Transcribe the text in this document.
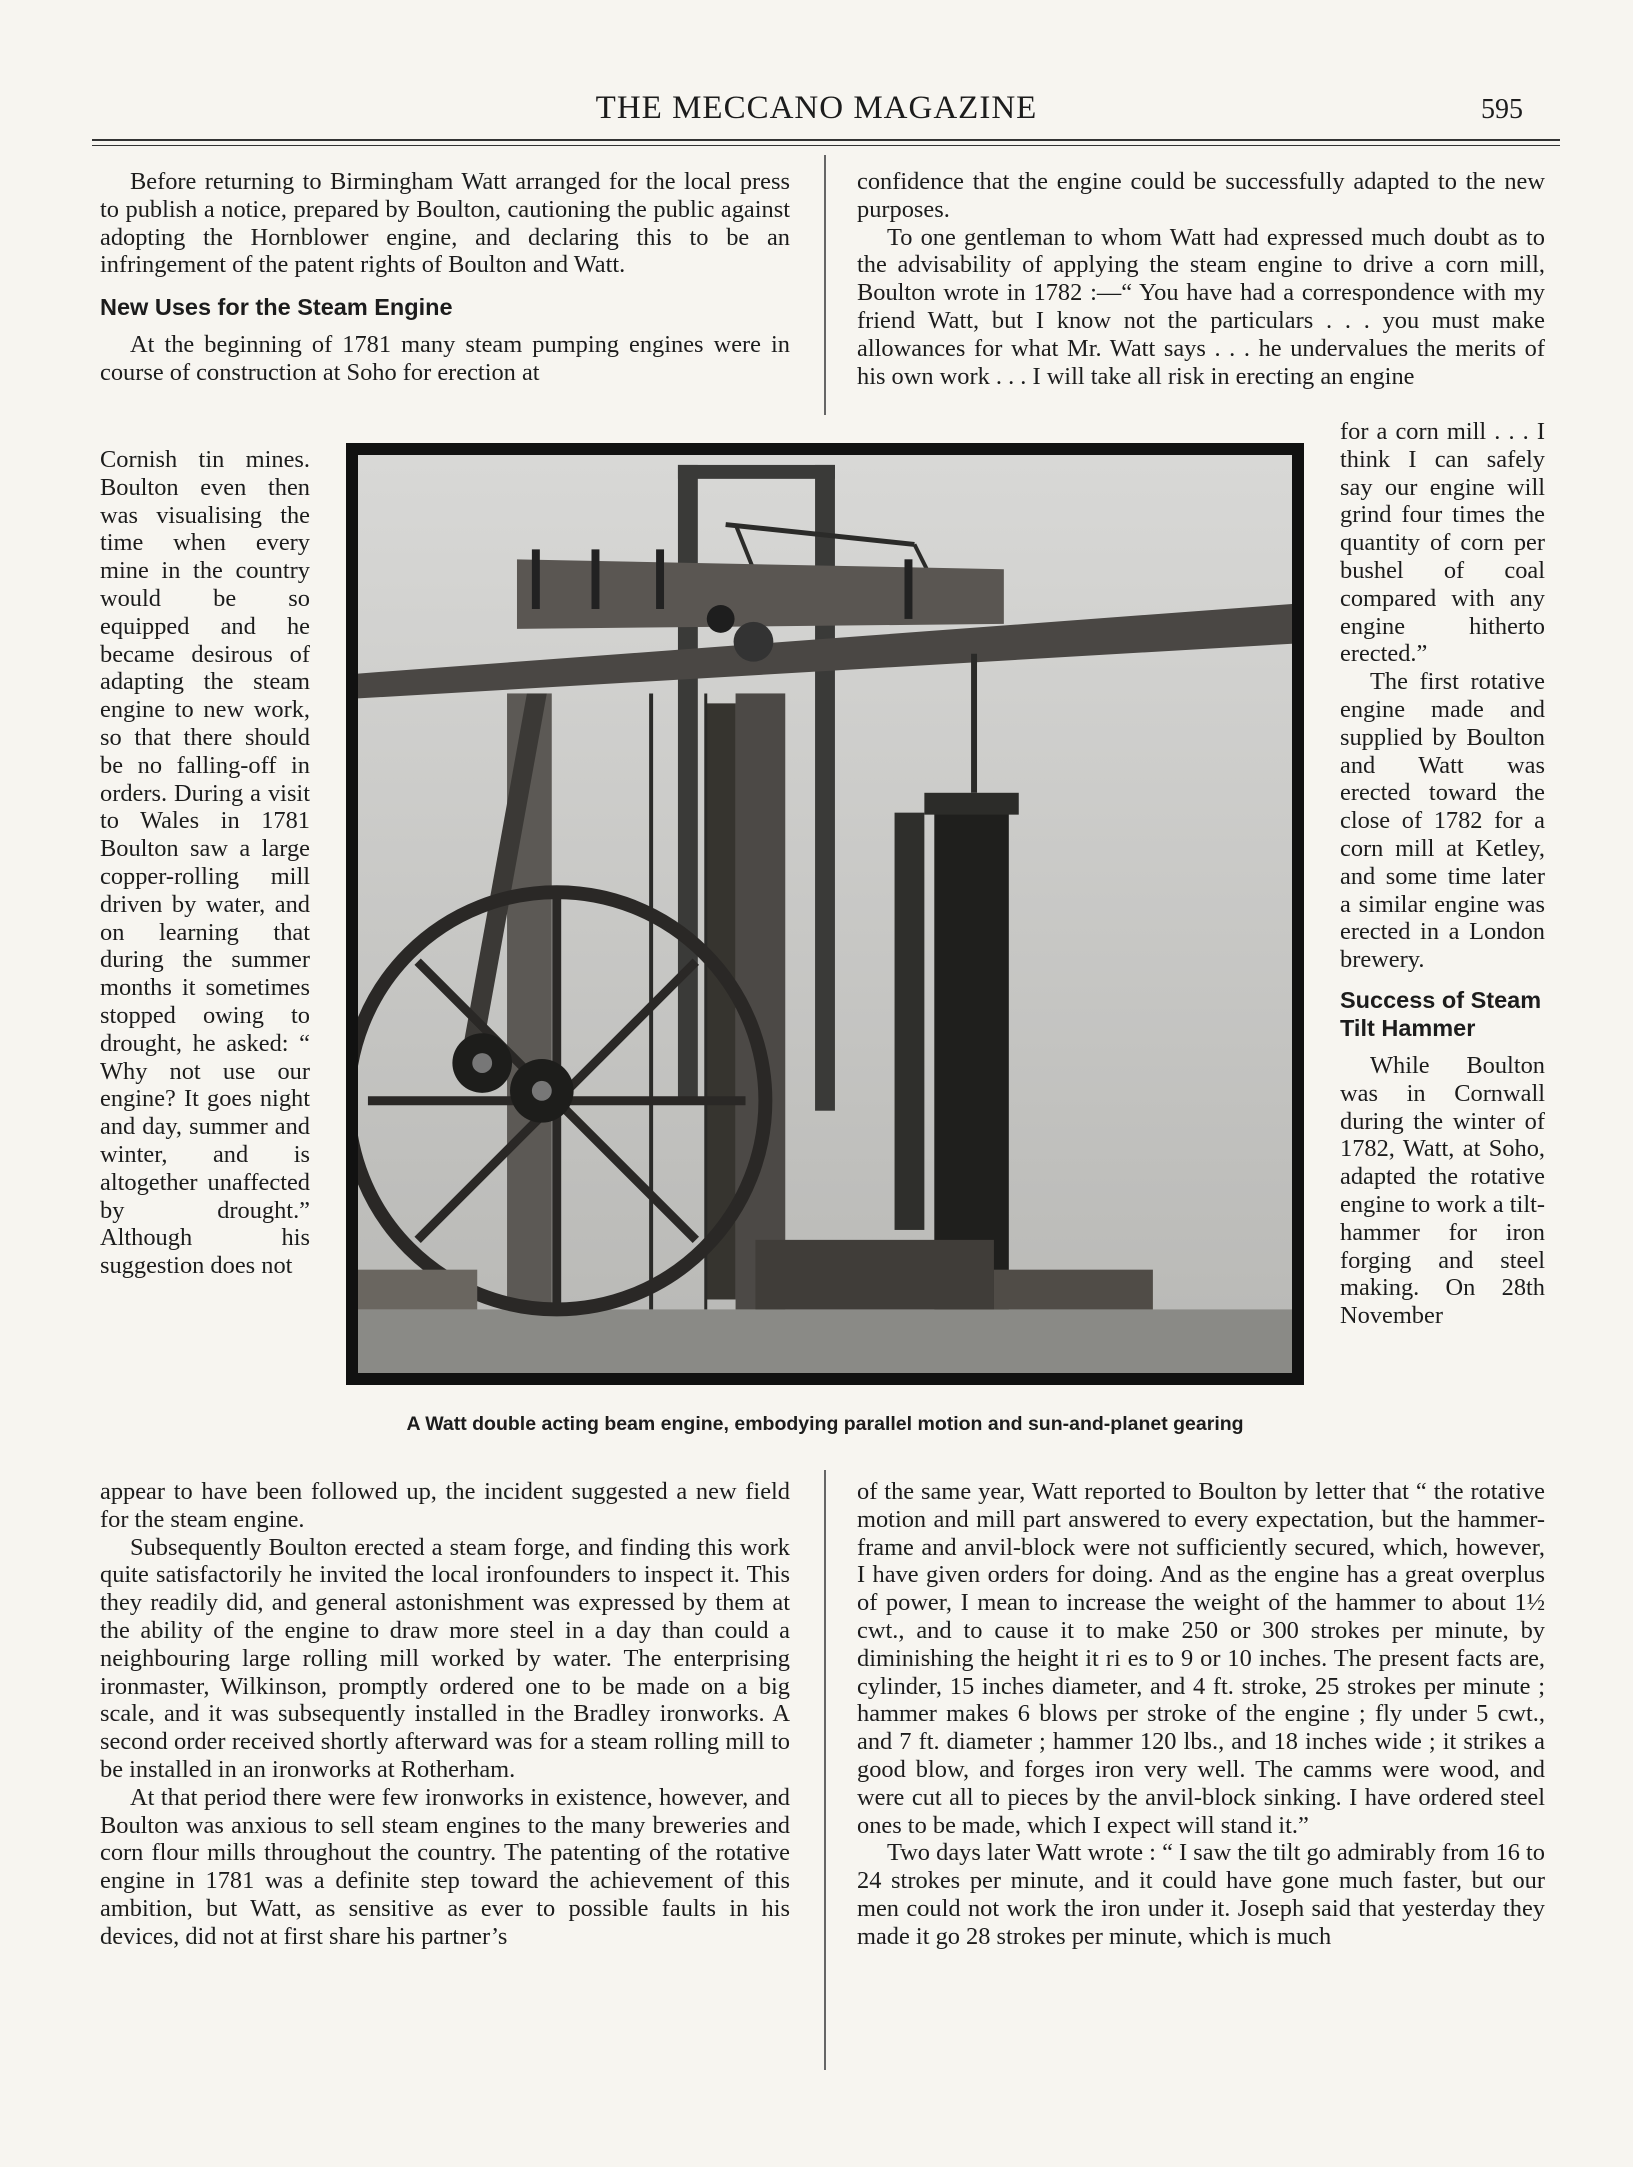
THE MECCANO MAGAZINE	595

Before returning to Birmingham Watt arranged for the local press to publish a notice, prepared by Boulton, cautioning the public against adopting the Hornblower engine, and declaring this to be an infringement of the patent rights of Boulton and Watt.

New Uses for the Steam Engine

At the beginning of 1781 many steam pumping engines were in course of construction at Soho for erection at

Cornish tin mines. Boulton even then was visualising the time when every mine in the country would be so equipped and he became desirous of adapting the steam engine to new work, so that there should be no falling-off in orders. During a visit to Wales in 1781 Boulton saw a large copper-rolling mill driven by water, and on learning that during the summer months it sometimes stopped owing to drought, he asked: “ Why not use our engine? It goes night and day, summer and winter, and is altogether unaffected by drought.” Although his suggestion does not

appear to have been followed up, the incident suggested a new field for the steam engine.

Subsequently Boulton erected a steam forge, and finding this work quite satisfactorily he invited the local ironfounders to inspect it. This they readily did, and general astonishment was expressed by them at the ability of the engine to draw more steel in a day than could a neighbouring large rolling mill worked by water. The enterprising ironmaster, Wilkinson, promptly ordered one to be made on a big scale, and it was subsequently installed in the Bradley ironworks. A second order received shortly afterward was for a steam rolling mill to be installed in an ironworks at Rotherham.

At that period there were few ironworks in existence, however, and Boulton was anxious to sell steam engines to the many breweries and corn flour mills throughout the country. The patenting of the rotative engine in 1781 was a definite step toward the achievement of this ambition, but Watt, as sensitive as ever to possible faults in his devices, did not at first share his partner’s

confidence that the engine could be successfully adapted to the new purposes.

To one gentleman to whom Watt had expressed much doubt as to the advisability of applying the steam engine to drive a corn mill, Boulton wrote in 1782 :—“ You have had a correspondence with my friend Watt, but I know not the particulars . . . you must make allowances for what Mr. Watt says . . . he undervalues the merits of his own work . . . I will take all risk in erecting an engine

for a corn mill . . . I think I can safely say our engine will grind four times the quantity of corn per bushel of coal compared with any engine hitherto erected.”

The first rotative engine made and supplied by Boulton and Watt was erected toward the close of 1782 for a corn mill at Ketley, and some time later a similar engine was erected in a London brewery.

Success of Steam Tilt Hammer

While Boulton was in Cornwall during the winter of 1782, Watt, at Soho, adapted the rotative engine to work a tilt-hammer for iron forging and steel making. On 28th November

of the same year, Watt reported to Boulton by letter that “ the rotative motion and mill part answered to every expectation, but the hammer-frame and anvil-block were not sufficiently secured, which, however, I have given orders for doing. And as the engine has a great overplus of power, I mean to increase the weight of the hammer to about 1½ cwt., and to cause it to make 250 or 300 strokes per minute, by diminishing the height it ri es to 9 or 10 inches. The present facts are, cylinder, 15 inches diameter, and 4 ft. stroke, 25 strokes per minute ; hammer makes 6 blows per stroke of the engine ; fly under 5 cwt., and 7 ft. diameter ; hammer 120 lbs., and 18 inches wide ; it strikes a good blow, and forges iron very well. The camms were wood, and were cut all to pieces by the anvil-block sinking. I have ordered steel ones to be made, which I expect will stand it.”

Two days later Watt wrote : “ I saw the tilt go admirably from 16 to 24 strokes per minute, and it could have gone much faster, but our men could not work the iron under it. Joseph said that yesterday they made it go 28 strokes per minute, which is much

A Watt double acting beam engine, embodying parallel motion and sun-and-planet gearing
